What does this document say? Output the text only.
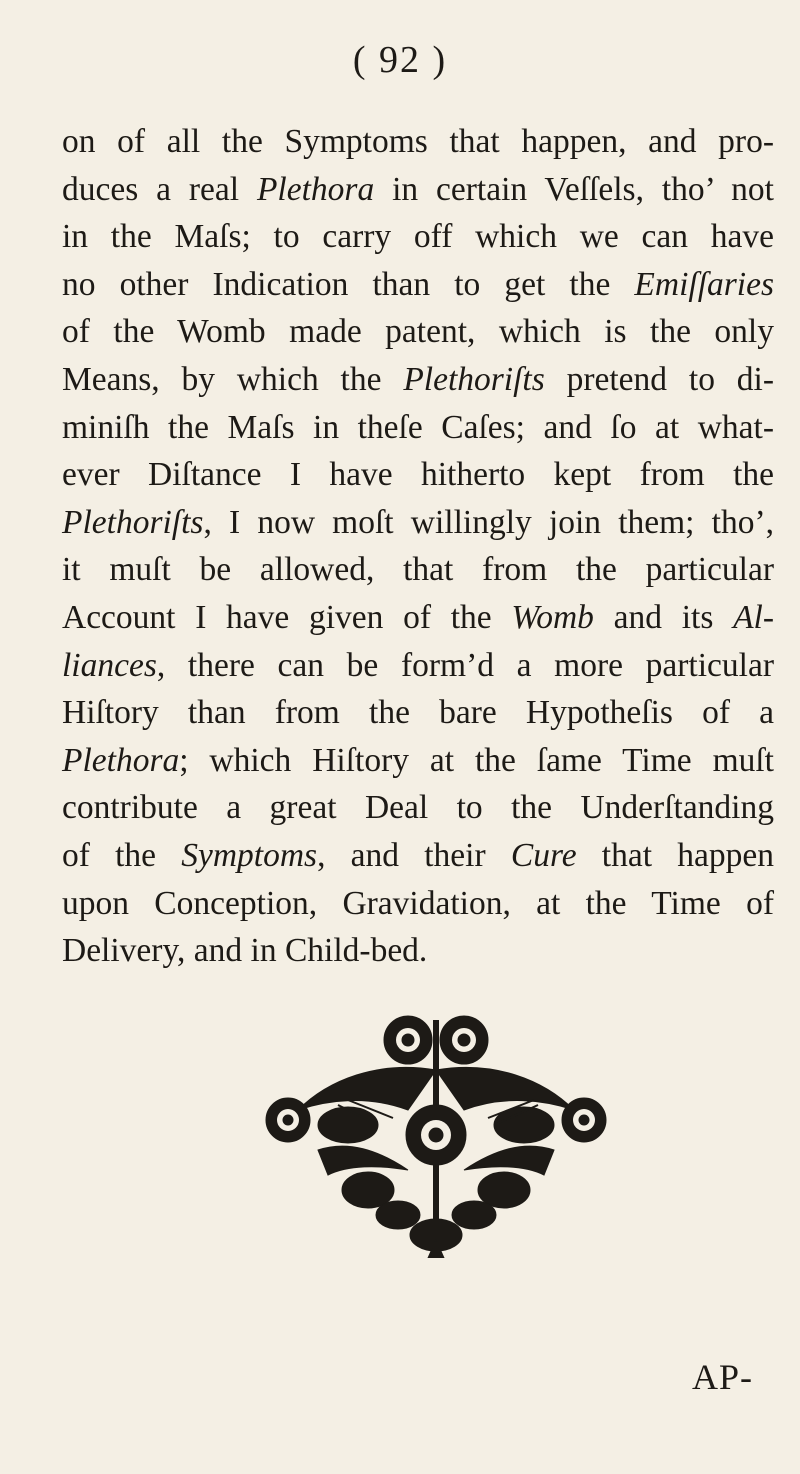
( 92 )
on of all the Symptoms that happen, and pro-
duces a real Plethora in certain Veſſels, tho’ not
in the Maſs; to carry off which we can have
no other Indication than to get the Emiſſaries
of the Womb made patent, which is the only
Means, by which the Plethoriſts pretend to di-
miniſh the Maſs in theſe Caſes; and ſo at what-
ever Diſtance I have hitherto kept from the
Plethoriſts, I now moſt willingly join them; tho’,
it muſt be allowed, that from the particular
Account I have given of the Womb and its Al-
liances, there can be form’d a more particular
Hiſtory than from the bare Hypotheſis of a
Plethora; which Hiſtory at the ſame Time muſt
contribute a great Deal to the Underſtanding
of the Symptoms, and their Cure that happen
upon Conception, Gravidation, at the Time of
Delivery, and in Child-bed.
AP-
